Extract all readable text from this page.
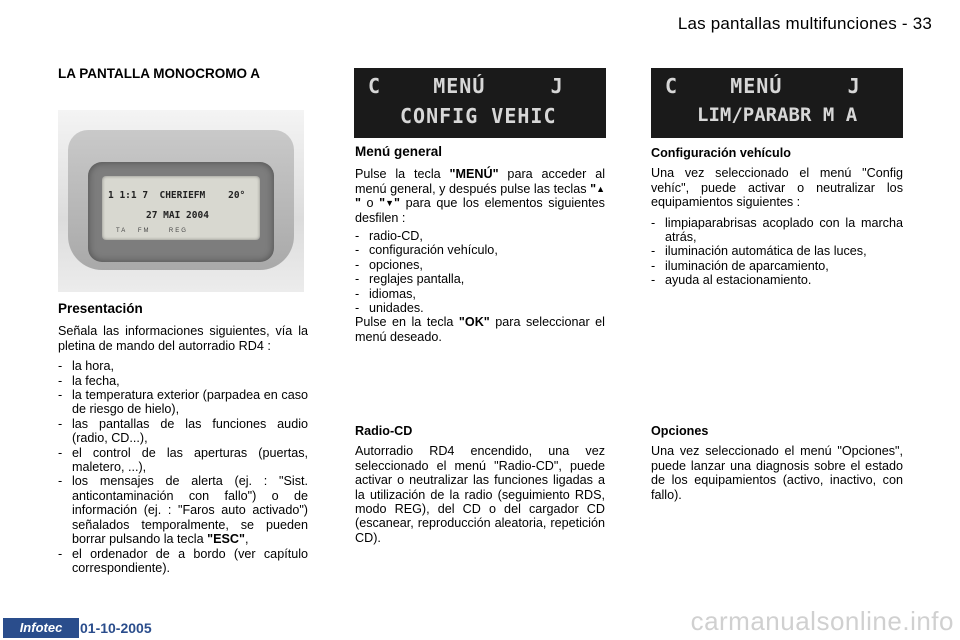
Las pantallas multifunciones - 33
LA PANTALLA MONOCROMO A
1 1:1 7  CHERIEFM    20°
27 MAI 2004
TA   FM     REG
C    MENÚ     J
CONFIG VEHIC
C    MENÚ     J
LIM/PARABR M A
Presentación

Señala las informaciones siguientes, vía la pletina de mando del autorradio RD4 :

- la hora,
- la fecha,
- la temperatura exterior (parpadea en caso de riesgo de hielo),
- las pantallas de las funciones audio (radio, CD...),
- el control de las aperturas (puertas, maletero, ...),
- los mensajes de alerta (ej. : "Sist. anticontaminación con fallo") o de información (ej. : "Faros auto activado") señalados temporalmente, se pueden borrar pulsando la tecla "ESC",
- el ordenador de a bordo (ver capítulo correspondiente).
Menú general

Pulse la tecla "MENÚ" para acceder al menú general, y después pulse las teclas "▲" o "▼" para que los elementos siguientes desfilen :

- radio-CD,
- configuración vehículo,
- opciones,
- reglajes pantalla,
- idiomas,
- unidades.

Pulse en la tecla "OK" para seleccionar el menú deseado.

Radio-CD

Autorradio RD4 encendido, una vez seleccionado el menú "Radio-CD", puede activar o neutralizar las funciones ligadas a la utilización de la radio (seguimiento RDS, modo REG), del CD o del cargador CD (escanear, reproducción aleatoria, repetición CD).

Configuración vehículo

Una vez seleccionado el menú "Config vehíc", puede activar o neutralizar los equipamientos siguientes :

- limpiaparabrisas acoplado con la marcha atrás,
- iluminación automática de las luces,
- iluminación de aparcamiento,
- ayuda al estacionamiento.
Opciones

Una vez seleccionado el menú "Opciones", puede lanzar una diagnosis sobre el estado de los equipamientos (activo, inactivo, con fallo).

Infotec	01-10-2005	carmanualsonline.info
